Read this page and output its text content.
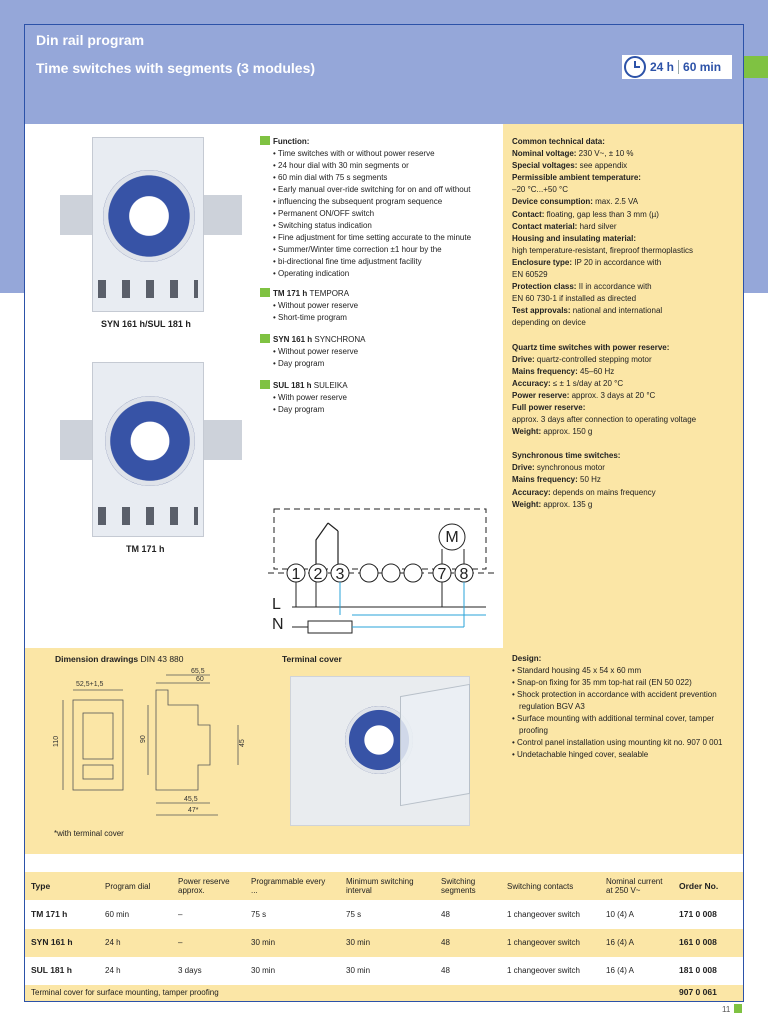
Din rail program
Time switches with segments (3 modules)	24 h 60 min
SYN 161 h/SUL 181 h
TM 171 h
Function:
• Time switches with or without power reserve
• 24 hour dial with 30 min segments or
• 60 min dial with 75 s segments
• Early manual over-ride switching for on and off without
• influencing the subsequent program sequence
• Permanent ON/OFF switch
• Switching status indication
• Fine adjustment for time setting accurate to the minute
• Summer/Winter time correction ±1 hour by the
• bi-directional fine time adjustment facility
• Operating indication
TM 171 h TEMPORA
• Without power reserve
• Short-time program
SYN 161 h SYNCHRONA
• Without power reserve
• Day program
SUL 181 h SULEIKA
• With power reserve
• Day program
Common technical data:
Nominal voltage: 230 V~, ± 10 %
Special voltages: see appendix
Permissible ambient temperature:
–20 °C...+50 °C
Device consumption: max. 2.5 VA
Contact: floating, gap less than 3 mm (µ)
Contact material: hard silver
Housing and insulating material:
high temperature-resistant, fireproof thermoplastics
Enclosure type: IP 20 in accordance with
EN 60529
Protection class: II in accordance with
EN 60 730-1 if installed as directed
Test approvals: national and international
depending on device
Quartz time switches with power reserve:
Drive: quartz-controlled stepping motor
Mains frequency: 45–60 Hz
Accuracy: ≤ ± 1 s/day at 20 °C
Power reserve: approx. 3 days at 20 °C
Full power reserve:
approx. 3 days after connection to operating voltage
Weight: approx. 150 g
Synchronous time switches:
Drive: synchronous motor
Mains frequency: 50 Hz
Accuracy: depends on mains frequency
Weight: approx. 135 g
1 2 3	7 8
M
L
N
Dimension drawings DIN 43 880
52,5+1,5
65,5
60
110	90
45
45,5
47*
*with terminal cover
Terminal cover	Design:
• Standard housing 45 x 54 x 60 mm
• Snap-on fixing for 35 mm top-hat rail (EN 50 022)
• Shock protection in accordance with accident prevention regulation BGV A3
• Surface mounting with additional terminal cover, tamper proofing
• Control panel installation using mounting kit no. 907 0 001
• Undetachable hinged cover, sealable
Type	Program dial	Power reserve approx.	Programmable every ...	Minimum switching interval	Switching segments	Switching contacts	Nominal current at 250 V~	Order No.
TM 171 h	60 min	–	75 s	75 s	48	1 changeover switch	10 (4) A	171 0 008
SYN 161 h	24 h	–	30 min	30 min	48	1 changeover switch	16 (4) A	161 0 008
SUL 181 h	24 h	3 days	30 min	30 min	48	1 changeover switch	16 (4) A	181 0 008
Terminal cover for surface mounting, tamper proofing								907 0 061
11
